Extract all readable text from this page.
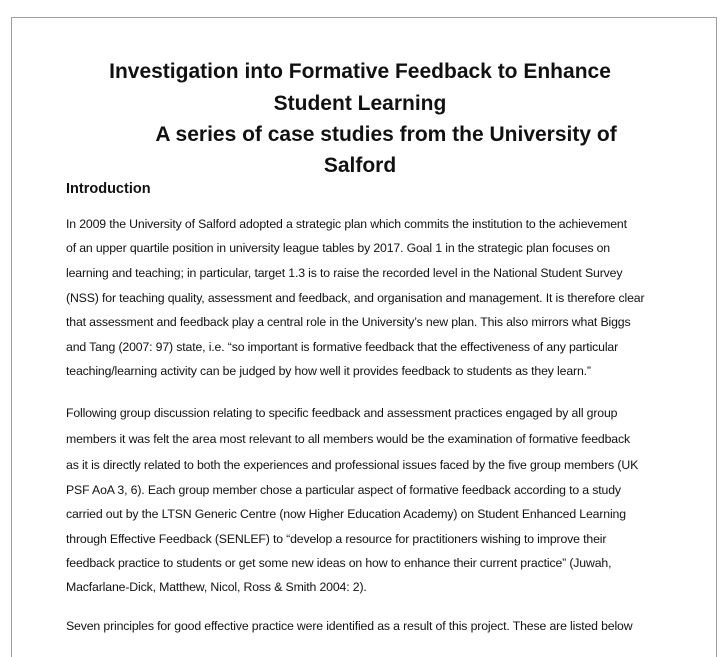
Investigation into Formative Feedback to Enhance
Student Learning
A series of case studies from the University of
Salford
Introduction
In 2009 the University of Salford adopted a strategic plan which commits the institution to the achievement
of an upper quartile position in university league tables by 2017. Goal 1 in the strategic plan focuses on
learning and teaching; in particular, target 1.3 is to raise the recorded level in the National Student Survey
(NSS) for teaching quality, assessment and feedback, and organisation and management. It is therefore clear
that assessment and feedback play a central role in the University’s new plan. This also mirrors what Biggs
and Tang (2007: 97) state, i.e. “so important is formative feedback that the effectiveness of any particular
teaching/learning activity can be judged by how well it provides feedback to students as they learn.”
Following group discussion relating to specific feedback and assessment practices engaged by all group
members it was felt the area most relevant to all members would be the examination of formative feedback
as it is directly related to both the experiences and professional issues faced by the five group members (UK
PSF AoA 3, 6). Each group member chose a particular aspect of formative feedback according to a study
carried out by the LTSN Generic Centre (now Higher Education Academy) on Student Enhanced Learning
through Effective Feedback (SENLEF) to “develop a resource for practitioners wishing to improve their
feedback practice to students or get some new ideas on how to enhance their current practice” (Juwah,
Macfarlane-Dick, Matthew, Nicol, Ross & Smith 2004: 2).
Seven principles for good effective practice were identified as a result of this project. These are listed below
